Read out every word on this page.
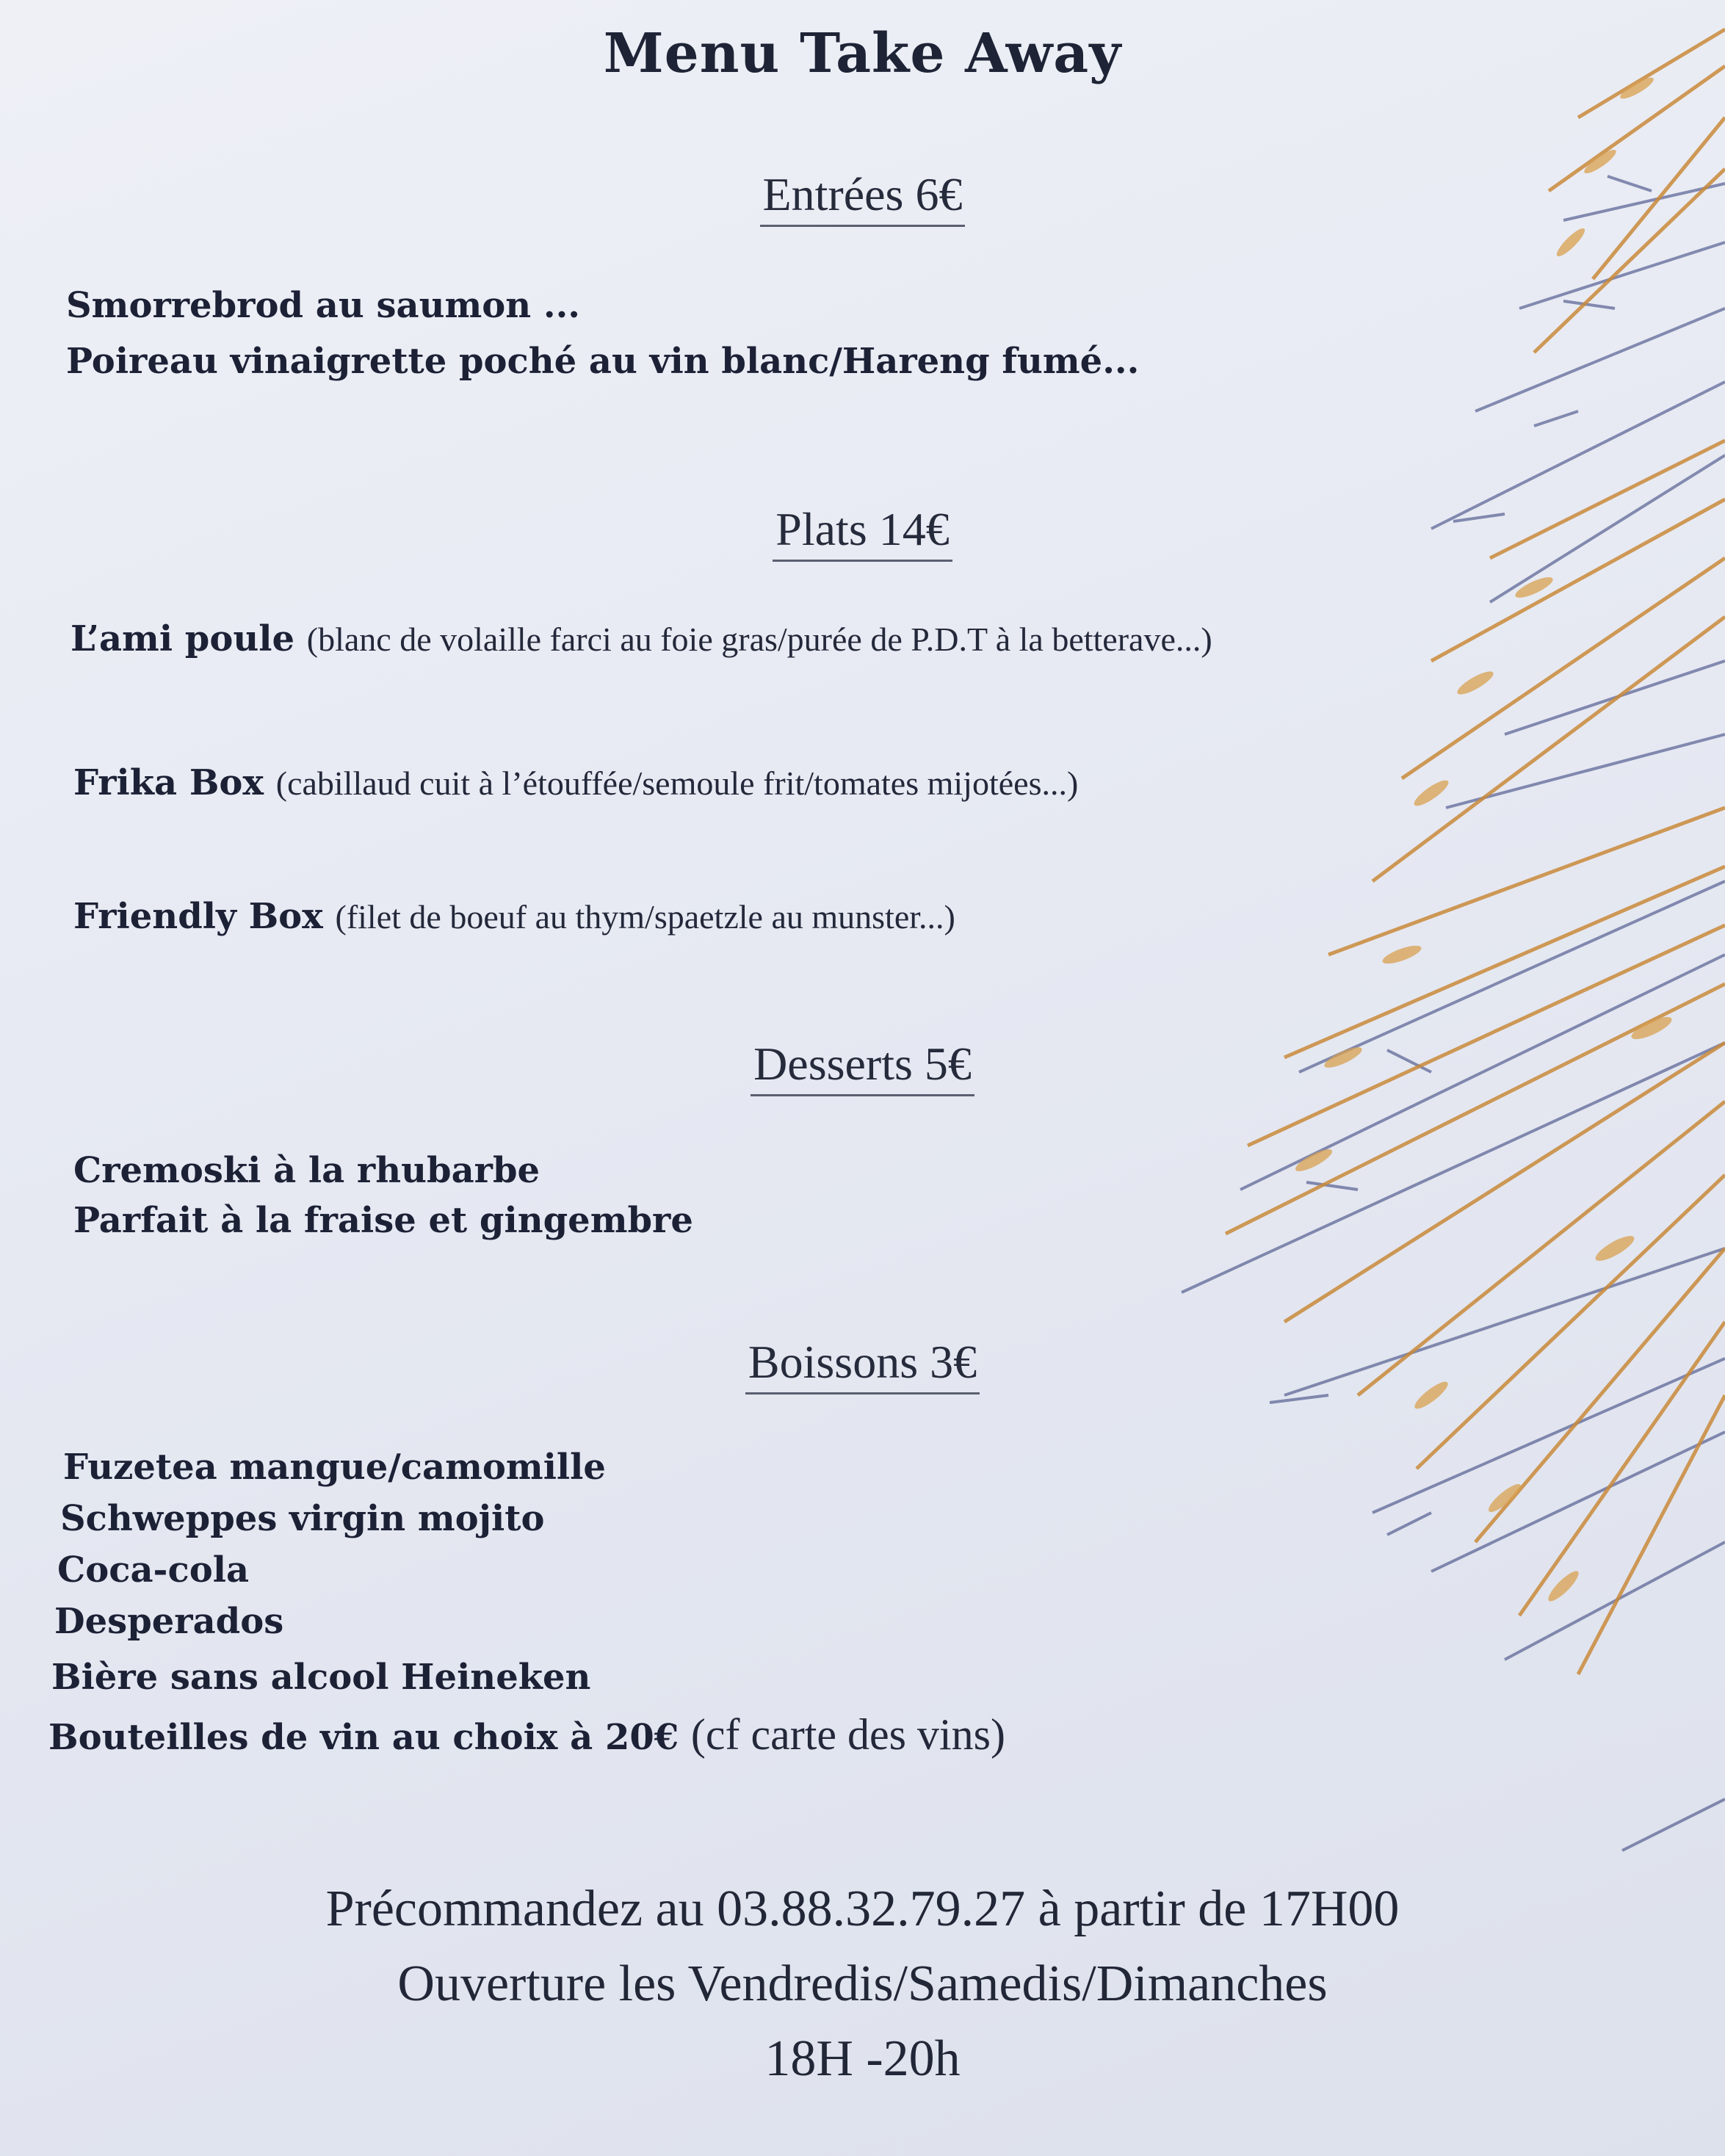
Menu Take Away
Entrées 6€
Smorrebrod au saumon ...
Poireau vinaigrette poché au vin blanc/Hareng fumé...
Plats 14€
L’ami poule (blanc de volaille farci au foie gras/purée de P.D.T à la betterave...)
Frika Box (cabillaud cuit à l’étouffée/semoule frit/tomates mijotées...)
Friendly Box (filet de boeuf au thym/spaetzle au munster...)
Desserts 5€
Cremoski à la rhubarbe
Parfait à la fraise et gingembre
Boissons 3€
Fuzetea mangue/camomille
Schweppes virgin mojito
Coca-cola
Desperados
Bière sans alcool Heineken
Bouteilles de vin au choix à 20€ (cf carte des vins)
Précommandez au 03.88.32.79.27 à partir de 17H00
Ouverture les Vendredis/Samedis/Dimanches
18H -20h
